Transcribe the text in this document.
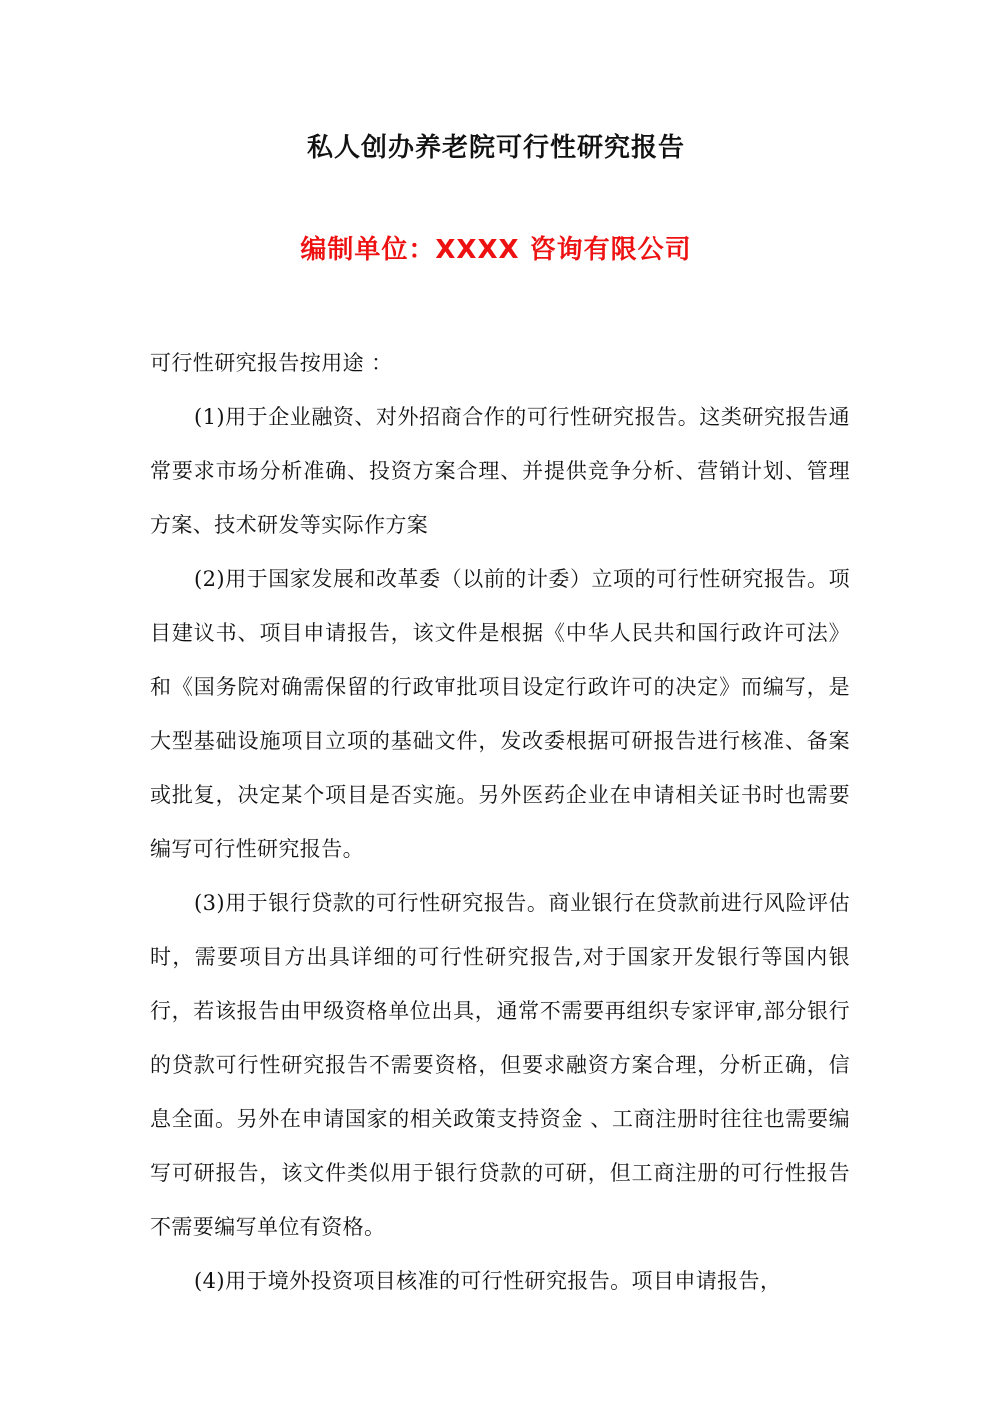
私人创办养老院可行性研究报告
编制单位：XXXX 咨询有限公司

可行性研究报告按用途 ：

(1)用于企业融资、对外招商合作的可行性研究报告。这类研究报告通常要求市场分析准确、投资方案合理、并提供竞争分析、营销计划、管理方案、技术研发等实际作方案

(2)用于国家发展和改革委（以前的计委）立项的可行性研究报告。项目建议书、项目申请报告，该文件是根据《中华人民共和国行政许可法》和《国务院对确需保留的行政审批项目设定行政许可的决定》而编写，是大型基础设施项目立项的基础文件，发改委根据可研报告进行核准、备案或批复，决定某个项目是否实施。另外医药企业在申请相关证书时也需要编写可行性研究报告。

(3)用于银行贷款的可行性研究报告。商业银行在贷款前进行风险评估时，需要项目方出具详细的可行性研究报告,对于国家开发银行等国内银行，若该报告由甲级资格单位出具，通常不需要再组织专家评审,部分银行的贷款可行性研究报告不需要资格，但要求融资方案合理，分析正确，信息全面。另外在申请国家的相关政策支持资金 、工商注册时往往也需要编写可研报告，该文件类似用于银行贷款的可研，但工商注册的可行性报告不需要编写单位有资格。

(4)用于境外投资项目核准的可行性研究报告。项目申请报告，
